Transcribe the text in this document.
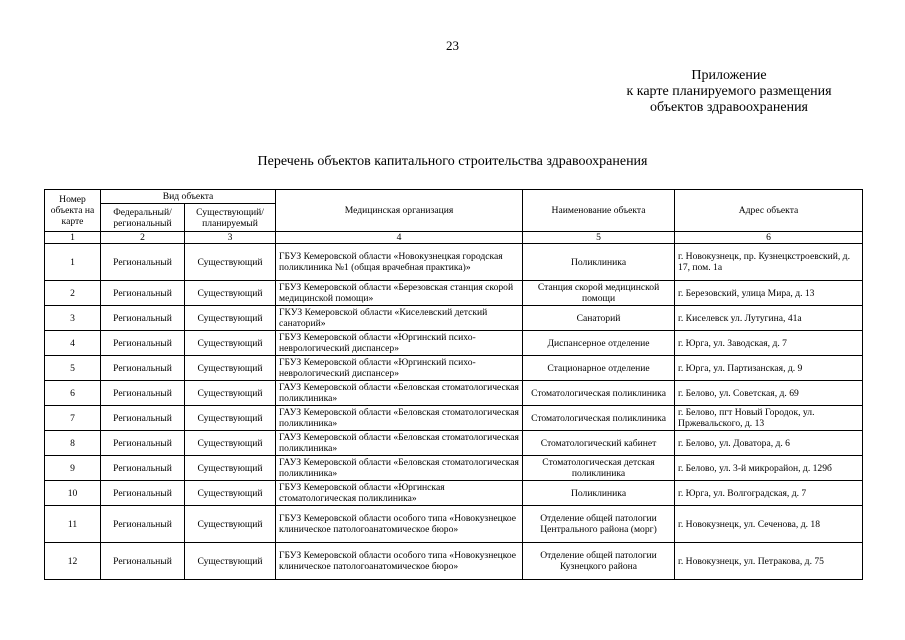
23
Приложение
к карте планируемого размещения
объектов здравоохранения
Перечень объектов капитального строительства здравоохранения
Номер объекта на карте	Вид объекта		Медицинская организация	Наименование объекта	Адрес объекта
	Федеральный/ региональный	Существующий/ планируемый			
1	2	3	4	5	6
1	Региональный	Существующий	ГБУЗ Кемеровской области «Новокузнецкая городская поликлиника №1 (общая врачебная практика)»	Поликлиника	г. Новокузнецк, пр. Кузнецкстроевский, д. 17, пом. 1а
2	Региональный	Существующий	ГБУЗ Кемеровской области «Березовская станция скорой медицинской помощи»	Станция скорой медицинской помощи	г. Березовский, улица Мира, д. 13
3	Региональный	Существующий	ГКУЗ Кемеровской области «Киселевский детский санаторий»	Санаторий	г. Киселевск ул. Лутугина, 41а
4	Региональный	Существующий	ГБУЗ Кемеровской области «Юргинский психо-неврологический диспансер»	Диспансерное отделение	г. Юрга, ул. Заводская, д. 7
5	Региональный	Существующий	ГБУЗ Кемеровской области «Юргинский психо-неврологический диспансер»	Стационарное отделение	г. Юрга, ул. Партизанская, д. 9
6	Региональный	Существующий	ГАУЗ Кемеровской области «Беловская стоматологическая поликлиника»	Стоматологическая поликлиника	г. Белово, ул. Советская, д. 69
7	Региональный	Существующий	ГАУЗ Кемеровской области «Беловская стоматологическая поликлиника»	Стоматологическая поликлиника	г. Белово, пгт Новый Городок, ул. Пржевальского, д. 13
8	Региональный	Существующий	ГАУЗ Кемеровской области «Беловская стоматологическая поликлиника»	Стоматологический кабинет	г. Белово, ул. Доватора, д. 6
9	Региональный	Существующий	ГАУЗ Кемеровской области «Беловская стоматологическая поликлиника»	Стоматологическая детская поликлиника	г. Белово, ул. 3-й микрорайон, д. 129б
10	Региональный	Существующий	ГБУЗ Кемеровской области «Юргинская стоматологическая поликлиника»	Поликлиника	г. Юрга, ул. Волгоградская, д. 7
11	Региональный	Существующий	ГБУЗ Кемеровской области особого типа «Новокузнецкое клиническое патологоанатомическое бюро»	Отделение общей патологии Центрального района (морг)	г. Новокузнецк, ул. Сеченова, д. 18
12	Региональный	Существующий	ГБУЗ Кемеровской области особого типа «Новокузнецкое клиническое патологоанатомическое бюро»	Отделение общей патологии Кузнецкого района	г. Новокузнецк, ул. Петракова, д. 75
